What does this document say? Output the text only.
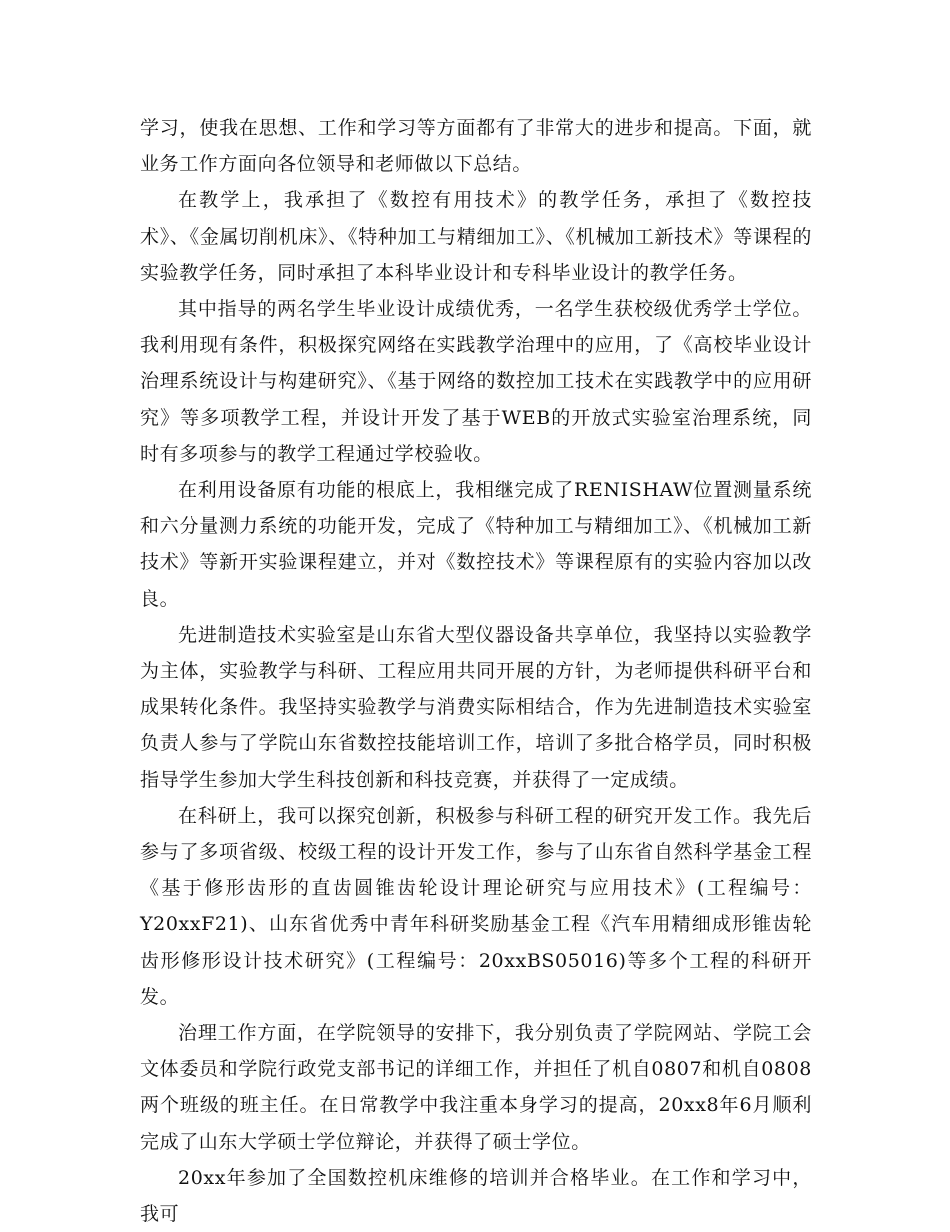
学习，使我在思想、工作和学习等方面都有了非常大的进步和提高。下面，就业务工作方面向各位领导和老师做以下总结。

在教学上，我承担了《数控有用技术》的教学任务，承担了《数控技术》、《金属切削机床》、《特种加工与精细加工》、《机械加工新技术》等课程的实验教学任务，同时承担了本科毕业设计和专科毕业设计的教学任务。

其中指导的两名学生毕业设计成绩优秀，一名学生获校级优秀学士学位。我利用现有条件，积极探究网络在实践教学治理中的应用，了《高校毕业设计治理系统设计与构建研究》、《基于网络的数控加工技术在实践教学中的应用研究》等多项教学工程，并设计开发了基于WEB的开放式实验室治理系统，同时有多项参与的教学工程通过学校验收。

在利用设备原有功能的根底上，我相继完成了RENISHAW位置测量系统和六分量测力系统的功能开发，完成了《特种加工与精细加工》、《机械加工新技术》等新开实验课程建立，并对《数控技术》等课程原有的实验内容加以改良。

先进制造技术实验室是山东省大型仪器设备共享单位，我坚持以实验教学为主体，实验教学与科研、工程应用共同开展的方针，为老师提供科研平台和成果转化条件。我坚持实验教学与消费实际相结合，作为先进制造技术实验室负责人参与了学院山东省数控技能培训工作，培训了多批合格学员，同时积极指导学生参加大学生科技创新和科技竞赛，并获得了一定成绩。

在科研上，我可以探究创新，积极参与科研工程的研究开发工作。我先后参与了多项省级、校级工程的设计开发工作，参与了山东省自然科学基金工程《基于修形齿形的直齿圆锥齿轮设计理论研究与应用技术》(工程编号：Y20xxF21)、山东省优秀中青年科研奖励基金工程《汽车用精细成形锥齿轮齿形修形设计技术研究》(工程编号：20xxBS05016)等多个工程的科研开发。

治理工作方面，在学院领导的安排下，我分别负责了学院网站、学院工会文体委员和学院行政党支部书记的详细工作，并担任了机自0807和机自0808两个班级的班主任。在日常教学中我注重本身学习的提高，20xx8年6月顺利完成了山东大学硕士学位辩论，并获得了硕士学位。

20xx年参加了全国数控机床维修的培训并合格毕业。在工作和学习中，我可
